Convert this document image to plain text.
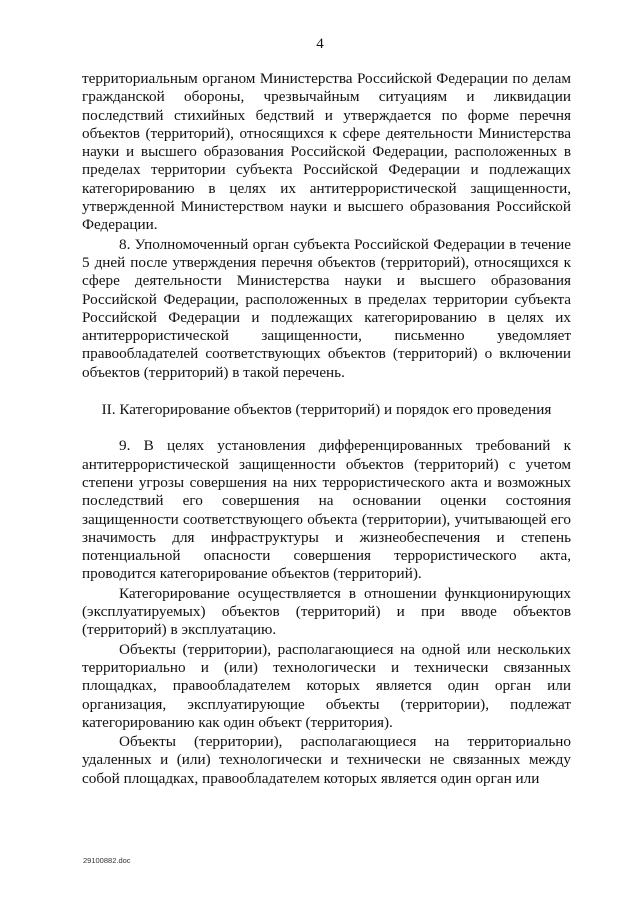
4

территориальным органом Министерства Российской Федерации по делам гражданской обороны, чрезвычайным ситуациям и ликвидации последствий стихийных бедствий и утверждается по форме перечня объектов (территорий), относящихся к сфере деятельности Министерства науки и высшего образования Российской Федерации, расположенных в пределах территории субъекта Российской Федерации и подлежащих категорированию в целях их антитеррористической защищенности, утвержденной Министерством науки и высшего образования Российской Федерации.

8. Уполномоченный орган субъекта Российской Федерации в течение 5 дней после утверждения перечня объектов (территорий), относящихся к сфере деятельности Министерства науки и высшего образования Российской Федерации, расположенных в пределах территории субъекта Российской Федерации и подлежащих категорированию в целях их антитеррористической защищенности, письменно уведомляет правообладателей соответствующих объектов (территорий) о включении объектов (территорий) в такой перечень.

II. Категорирование объектов (территорий) и порядок его проведения

9. В целях установления дифференцированных требований к антитеррористической защищенности объектов (территорий) с учетом степени угрозы совершения на них террористического акта и возможных последствий его совершения на основании оценки состояния защищенности соответствующего объекта (территории), учитывающей его значимость для инфраструктуры и жизнеобеспечения и степень потенциальной опасности совершения террористического акта, проводится категорирование объектов (территорий).

Категорирование осуществляется в отношении функционирующих (эксплуатируемых) объектов (территорий) и при вводе объектов (территорий) в эксплуатацию.

Объекты (территории), располагающиеся на одной или нескольких территориально и (или) технологически и технически связанных площадках, правообладателем которых является один орган или организация, эксплуатирующие объекты (территории), подлежат категорированию как один объект (территория).

Объекты (территории), располагающиеся на территориально удаленных и (или) технологически и технически не связанных между собой площадках, правообладателем которых является один орган или

29100882.doc
